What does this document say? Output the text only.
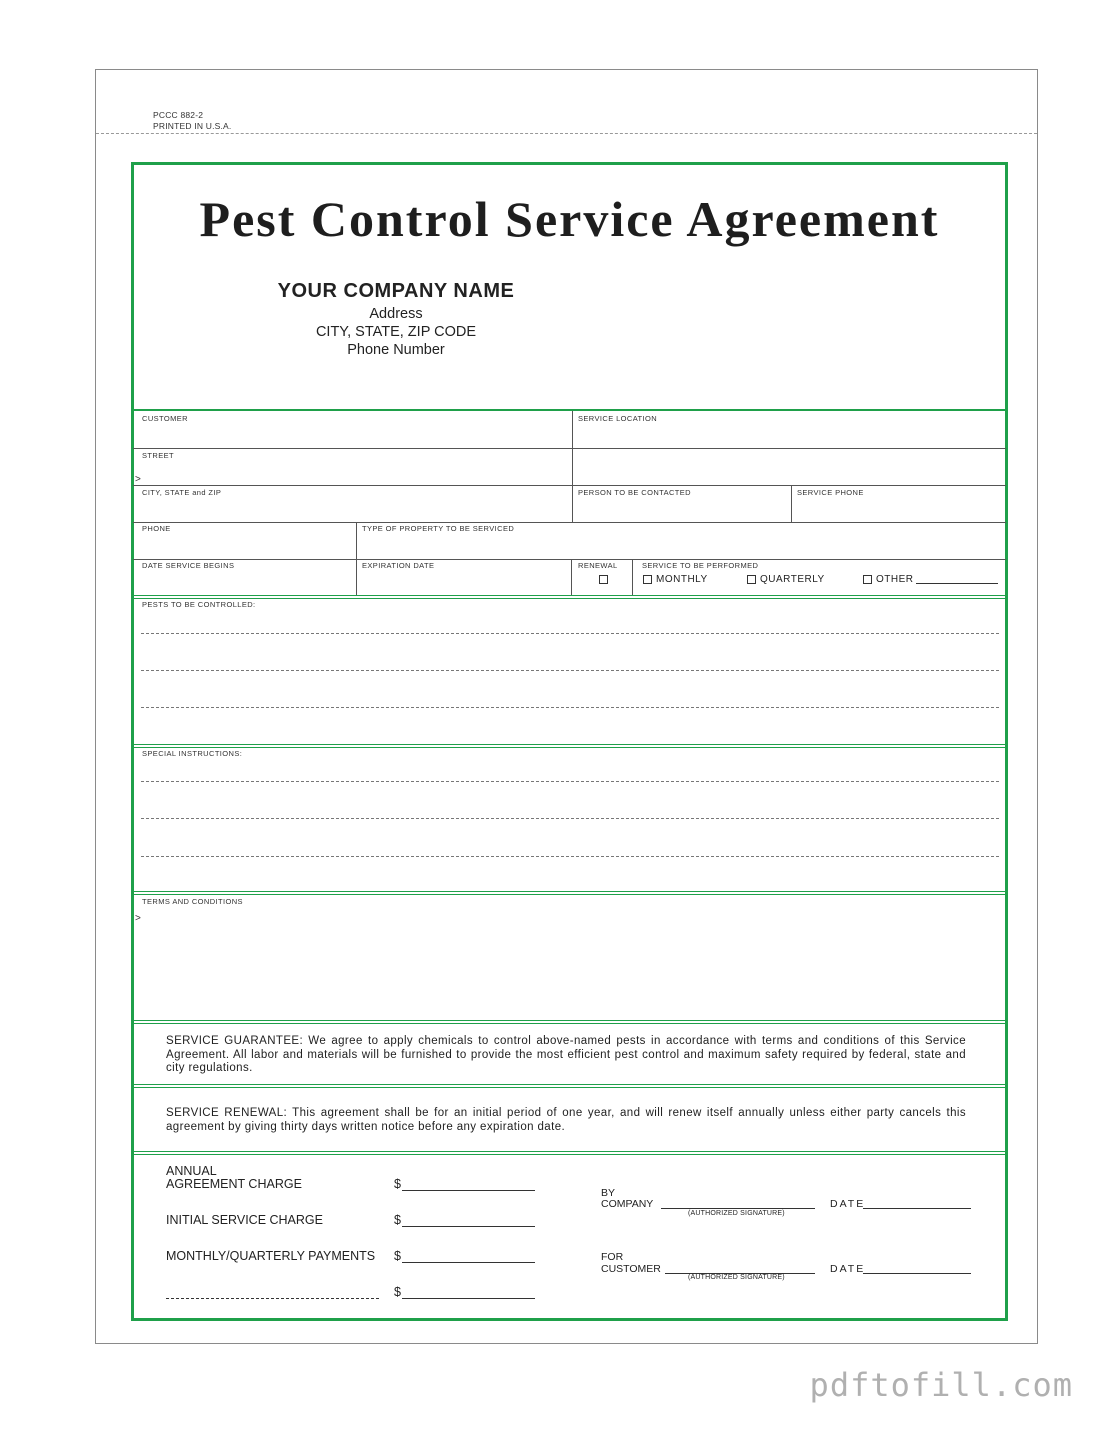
PCCC 882-2
PRINTED IN U.S.A.
Pest Control Service Agreement
YOUR COMPANY NAME
Address
CITY, STATE, ZIP CODE
Phone Number
CUSTOMER	SERVICE LOCATION
STREET
>
CITY, STATE and ZIP	PERSON TO BE CONTACTED	SERVICE PHONE
PHONE	TYPE OF PROPERTY TO BE SERVICED
DATE SERVICE BEGINS	EXPIRATION DATE	RENEWAL	SERVICE TO BE PERFORMED
MONTHLY	QUARTERLY	OTHER
PESTS TO BE CONTROLLED:
SPECIAL INSTRUCTIONS:
TERMS AND CONDITIONS
>
SERVICE GUARANTEE: We agree to apply chemicals to control above-named pests in accordance with terms and conditions of this Service Agreement. All labor and materials will be furnished to provide the most efficient pest control and maximum safety required by federal, state and city regulations.
SERVICE RENEWAL: This agreement shall be for an initial period of one year, and will renew itself annually unless either party cancels this agreement by giving thirty days written notice before any expiration date.
ANNUAL
AGREEMENT CHARGE	$
INITIAL SERVICE CHARGE	$
MONTHLY/QUARTERLY PAYMENTS $
$
BY
COMPANY
(AUTHORIZED SIGNATURE)
DATE
FOR
CUSTOMER
(AUTHORIZED SIGNATURE)
DATE
pdftofill.com
